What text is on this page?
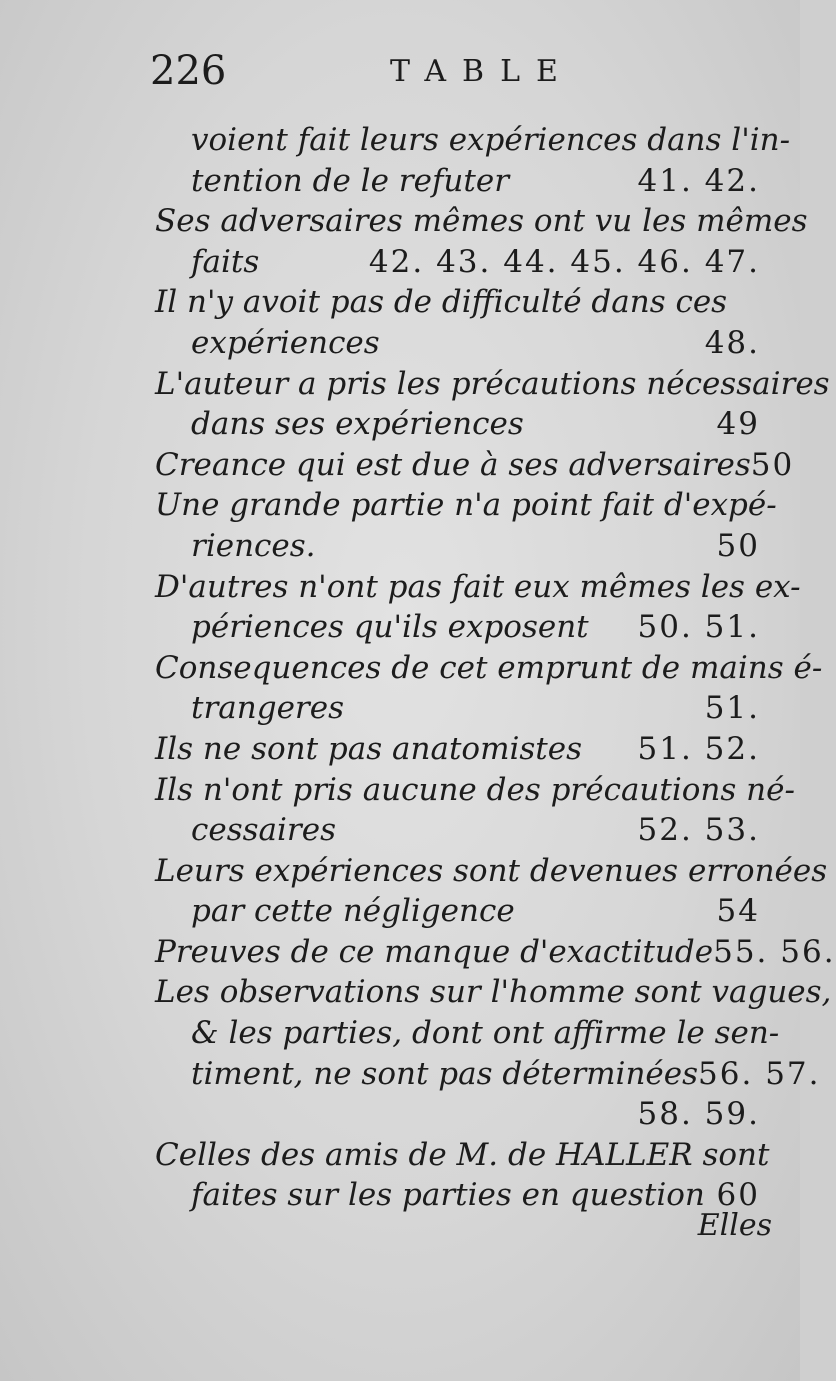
226	TABLE
voient fait leurs expériences dans l'in-
tention de le refuter	41. 42.
Ses adversaires mêmes ont vu les mêmes
faits	42. 43. 44. 45. 46. 47.
Il n'y avoit pas de difficulté dans ces
expériences	48.
L'auteur a pris les précautions nécessaires
dans ses expériences	49
Creance qui est due à ses adversaires 50
Une grande partie n'a point fait d'expé-
riences.	50
D'autres n'ont pas fait eux mêmes les ex-
périences qu'ils exposent 50. 51.
Consequences de cet emprunt de mains é-
trangeres	51.
Ils ne sont pas anatomistes 51. 52.
Ils n'ont pris aucune des précautions né-
cessaires	52. 53.
Leurs expériences sont devenues erronées
par cette négligence	54
Preuves de ce manque d'exactitude 55. 56.
Les observations sur l'homme sont vagues,
& les parties, dont ont affirme le sen-
timent, ne sont pas déterminées 56. 57.
58. 59.
Celles des amis de M. de HALLER sont
faites sur les parties en question 60
Elles
